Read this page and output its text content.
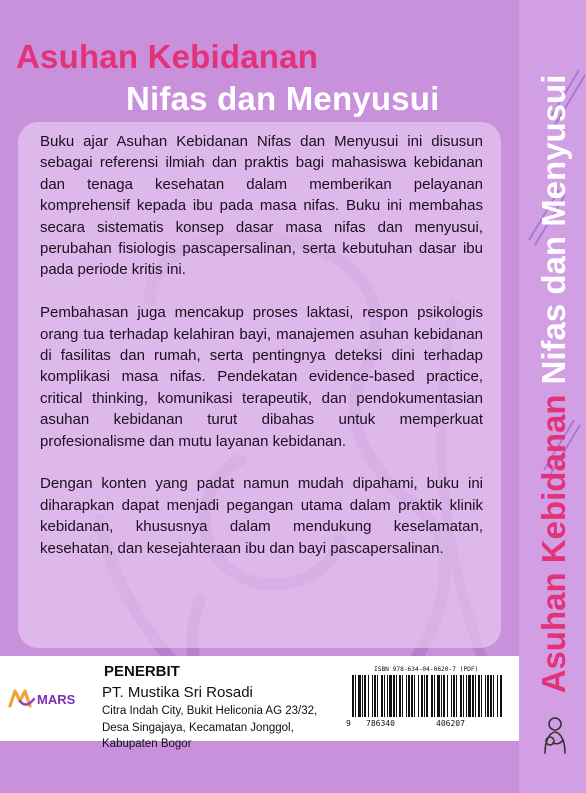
Asuhan Kebidanan
Nifas dan Menyusui

Buku ajar Asuhan Kebidanan Nifas dan Menyusui ini disusun sebagai referensi ilmiah dan praktis bagi mahasiswa kebidanan dan tenaga kesehatan dalam memberikan pelayanan komprehensif kepada ibu pada masa nifas. Buku ini membahas secara sistematis konsep dasar masa nifas dan menyusui, perubahan fisiologis pascapersalinan, serta kebutuhan dasar ibu pada periode kritis ini.

Pembahasan juga mencakup proses laktasi, respon psikologis orang tua terhadap kelahiran bayi, manajemen asuhan kebidanan di fasilitas dan rumah, serta pentingnya deteksi dini terhadap komplikasi masa nifas. Pendekatan evidence-based practice, critical thinking, komunikasi terapeutik, dan pendokumentasian asuhan kebidanan turut dibahas untuk memperkuat profesionalisme dan mutu layanan kebidanan.

Dengan konten yang padat namun mudah dipahami, buku ini diharapkan dapat menjadi pegangan utama dalam praktik klinik kebidanan, khususnya dalam mendukung keselamatan, kesehatan, dan kesejahteraan ibu dan bayi pascapersalinan.

MARS
PENERBIT
PT. Mustika Sri Rosadi
Citra Indah City, Bukit Heliconia AG 23/32, Desa Singajaya, Kecamatan Jonggol, Kabupaten Bogor
ISBN 978-634-04-0620-7 (PDF)
9 786340	406207
Asuhan KebidananNifas dan Menyusui
